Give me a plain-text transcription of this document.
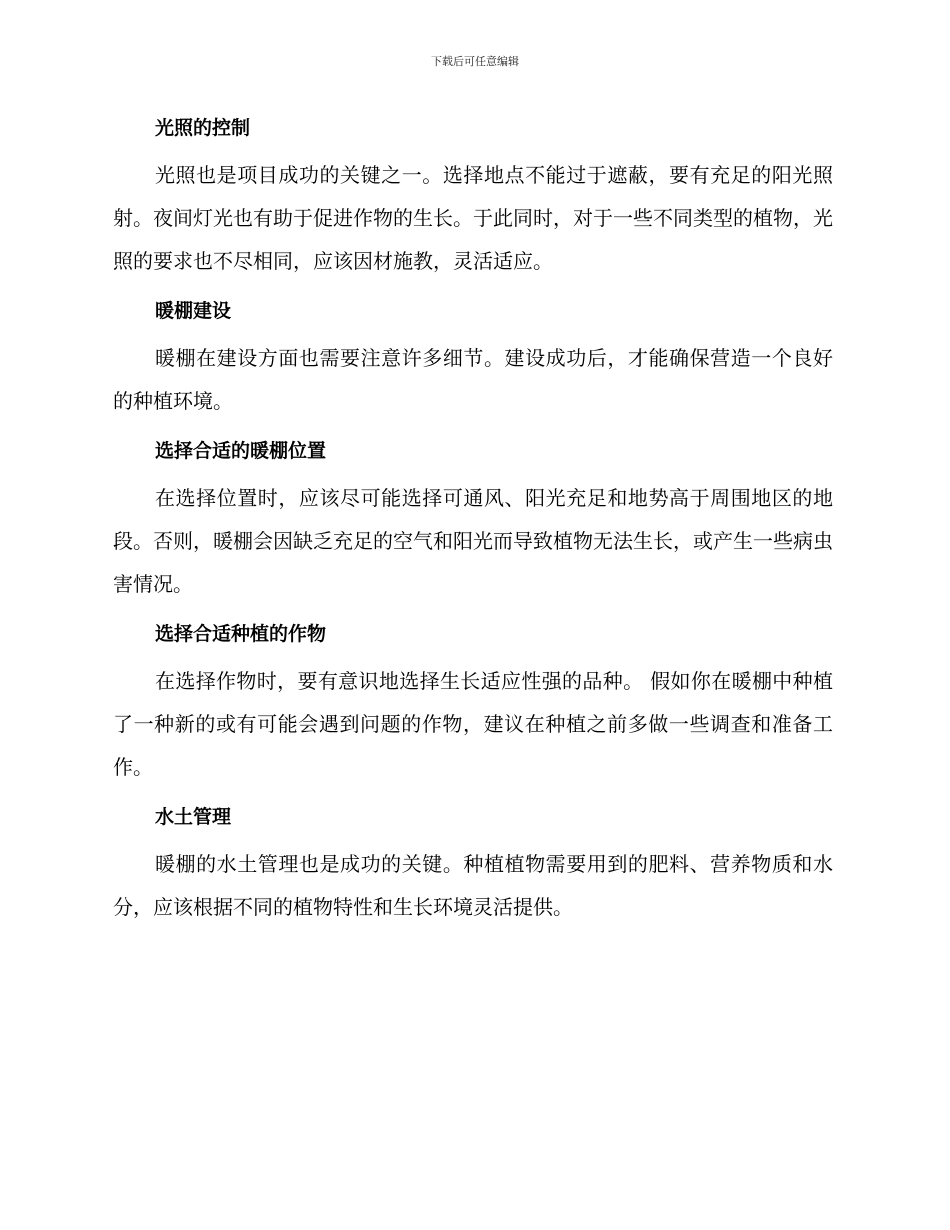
下载后可任意编辑
光照的控制

光照也是项目成功的关键之一。选择地点不能过于遮蔽，要有充足的阳光照射。夜间灯光也有助于促进作物的生长。于此同时，对于一些不同类型的植物，光照的要求也不尽相同，应该因材施教，灵活适应。

暖棚建设

暖棚在建设方面也需要注意许多细节。建设成功后，才能确保营造一个良好的种植环境。

选择合适的暖棚位置

在选择位置时，应该尽可能选择可通风、阳光充足和地势高于周围地区的地段。否则，暖棚会因缺乏充足的空气和阳光而导致植物无法生长，或产生一些病虫害情况。

选择合适种植的作物

在选择作物时，要有意识地选择生长适应性强的品种。 假如你在暖棚中种植了一种新的或有可能会遇到问题的作物，建议在种植之前多做一些调查和准备工作。

水土管理

暖棚的水土管理也是成功的关键。种植植物需要用到的肥料、营养物质和水分，应该根据不同的植物特性和生长环境灵活提供。
